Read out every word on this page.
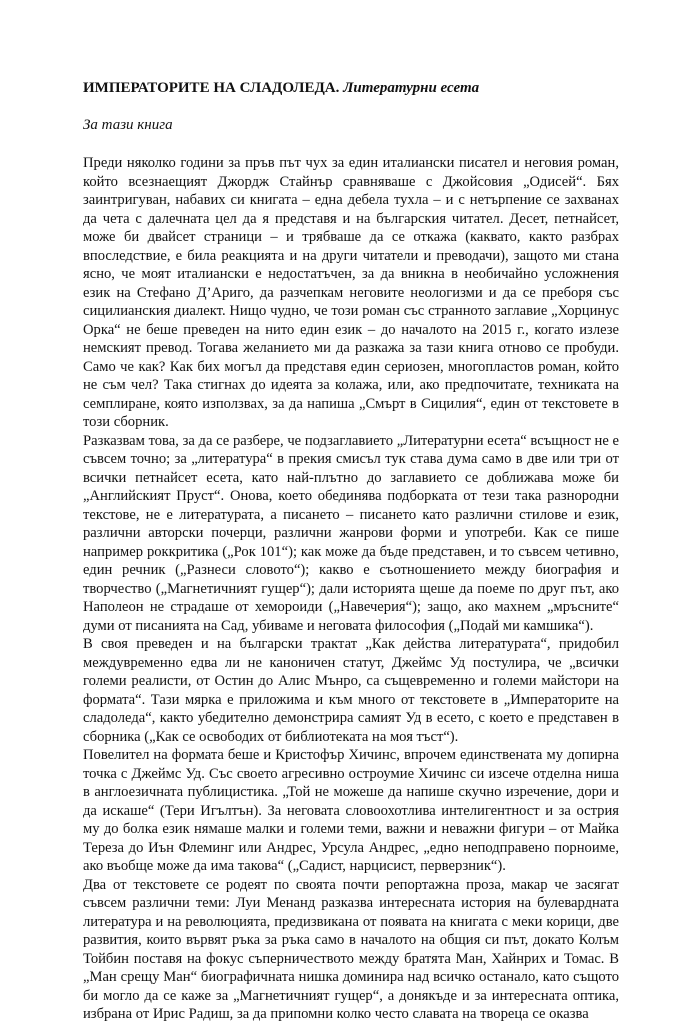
ИМПЕРАТОРИТЕ НА СЛАДОЛЕДА. Литературни есета
За тази книга

Преди няколко години за пръв път чух за един италиански писател и неговия роман, който всезнаещият Джордж Стайнър сравняваше с Джойсовия „Одисей“. Бях заинтригуван, набавих си книгата – една дебела тухла – и с нетърпение се захванах да чета с далечната цел да я представя и на българския читател. Десет, петнайсет, може би двайсет страници – и трябваше да се откажа (каквато, както разбрах впоследствие, е била реакцията и на други читатели и преводачи), защото ми стана ясно, че моят италиански е недостатъчен, за да вникна в необичайно усложнения език на Стефано Д’Ариго, да разчепкам неговите неологизми и да се преборя със сицилианския диалект. Нищо чудно, че този роман със странното заглавие „Хорцинус Орка“ не беше преведен на нито един език – до началото на 2015 г., когато излезе немският превод. Тогава желанието ми да разкажа за тази книга отново се пробуди. Само че как? Как бих могъл да представя един сериозен, многопластов роман, който не съм чел? Така стигнах до идеята за колажа, или, ако предпочитате, техниката на семплиране, която използвах, за да напиша „Смърт в Сицилия“, един от текстовете в този сборник.

Разказвам това, за да се разбере, че подзаглавието „Литературни есета“ всъщност не е съвсем точно; за „литература“ в прекия смисъл тук става дума само в две или три от всички петнайсет есета, като най-плътно до заглавието се доближава може би „Английският Пруст“. Онова, което обединява подборката от тези така разнородни текстове, не е литературата, а писането – писането като различни стилове и език, различни авторски почерци, различни жанрови форми и употреби. Как се пише например роккритика („Рок 101“); как може да бъде представен, и то съвсем четивно, един речник („Разнеси словото“); какво е съотношението между биография и творчество („Магнетичният гущер“); дали историята щеше да поеме по друг път, ако Наполеон не страдаше от хемороиди („Навечерия“); защо, ако махнем „мръсните“ думи от писанията на Сад, убиваме и неговата философия („Подай ми камшика“).

В своя преведен и на български трактат „Как действа литературата“, придобил междувременно едва ли не каноничен статут, Джеймс Уд постулира, че „всички големи реалисти, от Остин до Алис Мънро, са същевременно и големи майстори на формата“. Тази мярка е приложима и към много от текстовете в „Императорите на сладоледа“, както убедително демонстрира самият Уд в есето, с което е представен в сборника („Как се освободих от библиотеката на моя тъст“).

Повелител на формата беше и Кристофър Хичинс, впрочем единствената му допирна точка с Джеймс Уд. Със своето агресивно остроумие Хичинс си изсече отделна ниша в англоезичната публицистика. „Той не можеше да напише скучно изречение, дори и да искаше“ (Тери Игълтън). За неговата словоохотлива интелигентност и за острия му до болка език нямаше малки и големи теми, важни и неважни фигури – от Майка Тереза до Иън Флеминг или Андрес, Урсула Андрес, „едно неподправено порноиме, ако въобще може да има такова“ („Садист, нарцисист, перверзник“).

Два от текстовете се родеят по своята почти репортажна проза, макар че засягат съвсем различни теми: Луи Менанд разказва интересната история на булевардната литература и на революцията, предизвикана от появата на книгата с меки корици, две развития, които вървят ръка за ръка само в началото на общия си път, докато Колъм Тойбин поставя на фокус съперничеството между братята Ман, Хайнрих и Томас. В „Ман срещу Ман“ биографичната нишка доминира над всичко останало, като същото би могло да се каже за „Магнетичният гущер“, а донякъде и за интересната оптика, избрана от Ирис Радиш, за да припомни колко често славата на твореца се оказва
